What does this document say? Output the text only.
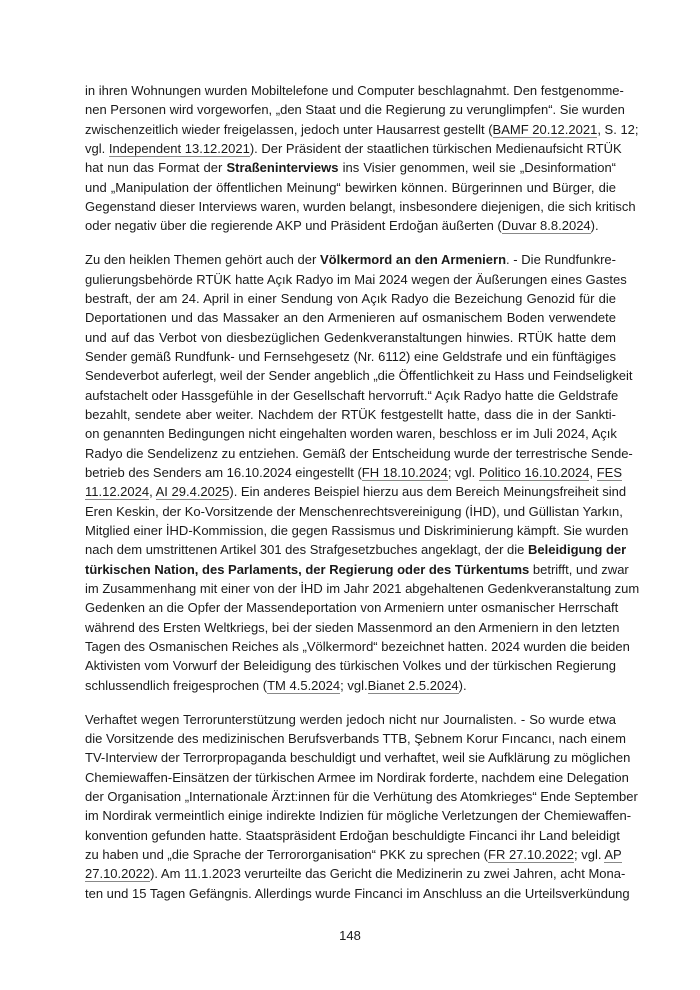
in ihren Wohnungen wurden Mobiltelefone und Computer beschlagnahmt. Den festgenomme-
nen Personen wird vorgeworfen, „den Staat und die Regierung zu verunglimpfen“. Sie wurden
zwischenzeitlich wieder freigelassen, jedoch unter Hausarrest gestellt (BAMF 20.12.2021, S. 12;
vgl. Independent 13.12.2021). Der Präsident der staatlichen türkischen Medienaufsicht RTÜK
hat nun das Format der Straßeninterviews ins Visier genommen, weil sie „Desinformation“
und „Manipulation der öffentlichen Meinung“ bewirken können. Bürgerinnen und Bürger, die
Gegenstand dieser Interviews waren, wurden belangt, insbesondere diejenigen, die sich kritisch
oder negativ über die regierende AKP und Präsident Erdoğan äußerten (Duvar 8.8.2024).
Zu den heiklen Themen gehört auch der Völkermord an den Armeniern. - Die Rundfunkre-
gulierungsbehörde RTÜK hatte Açık Radyo im Mai 2024 wegen der Äußerungen eines Gastes
bestraft, der am 24. April in einer Sendung von Açık Radyo die Bezeichung Genozid für die
Deportationen und das Massaker an den Armenieren auf osmanischem Boden verwendete
und auf das Verbot von diesbezüglichen Gedenkveranstaltungen hinwies. RTÜK hatte dem
Sender gemäß Rundfunk- und Fernsehgesetz (Nr. 6112) eine Geldstrafe und ein fünftägiges
Sendeverbot auferlegt, weil der Sender angeblich „die Öffentlichkeit zu Hass und Feindseligkeit
aufstachelt oder Hassgefühle in der Gesellschaft hervorruft.“ Açık Radyo hatte die Geldstrafe
bezahlt, sendete aber weiter. Nachdem der RTÜK festgestellt hatte, dass die in der Sankti-
on genannten Bedingungen nicht eingehalten worden waren, beschloss er im Juli 2024, Açık
Radyo die Sendelizenz zu entziehen. Gemäß der Entscheidung wurde der terrestrische Sende-
betrieb des Senders am 16.10.2024 eingestellt (FH 18.10.2024; vgl. Politico 16.10.2024, FES
11.12.2024, AI 29.4.2025). Ein anderes Beispiel hierzu aus dem Bereich Meinungsfreiheit sind
Eren Keskin, der Ko-Vorsitzende der Menschenrechtsvereinigung (İHD), und Güllistan Yarkın,
Mitglied einer İHD-Kommission, die gegen Rassismus und Diskriminierung kämpft. Sie wurden
nach dem umstrittenen Artikel 301 des Strafgesetzbuches angeklagt, der die Beleidigung der
türkischen Nation, des Parlaments, der Regierung oder des Türkentums betrifft, und zwar
im Zusammenhang mit einer von der İHD im Jahr 2021 abgehaltenen Gedenkveranstaltung zum
Gedenken an die Opfer der Massendeportation von Armeniern unter osmanischer Herrschaft
während des Ersten Weltkriegs, bei der sieden Massenmord an den Armeniern in den letzten
Tagen des Osmanischen Reiches als „Völkermord“ bezeichnet hatten. 2024 wurden die beiden
Aktivisten vom Vorwurf der Beleidigung des türkischen Volkes und der türkischen Regierung
schlussendlich freigesprochen (TM 4.5.2024; vgl.Bianet 2.5.2024).
Verhaftet wegen Terrorunterstützung werden jedoch nicht nur Journalisten. - So wurde etwa
die Vorsitzende des medizinischen Berufsverbands TTB, Şebnem Korur Fıncancı, nach einem
TV-Interview der Terrorpropaganda beschuldigt und verhaftet, weil sie Aufklärung zu möglichen
Chemiewaffen-Einsätzen der türkischen Armee im Nordirak forderte, nachdem eine Delegation
der Organisation „Internationale Ärzt:innen für die Verhütung des Atomkrieges“ Ende September
im Nordirak vermeintlich einige indirekte Indizien für mögliche Verletzungen der Chemiewaffen-
konvention gefunden hatte. Staatspräsident Erdoğan beschuldigte Fincanci ihr Land beleidigt
zu haben und „die Sprache der Terrororganisation“ PKK zu sprechen (FR 27.10.2022; vgl. AP
27.10.2022). Am 11.1.2023 verurteilte das Gericht die Medizinerin zu zwei Jahren, acht Mona-
ten und 15 Tagen Gefängnis. Allerdings wurde Fincanci im Anschluss an die Urteilsverkündung
148
